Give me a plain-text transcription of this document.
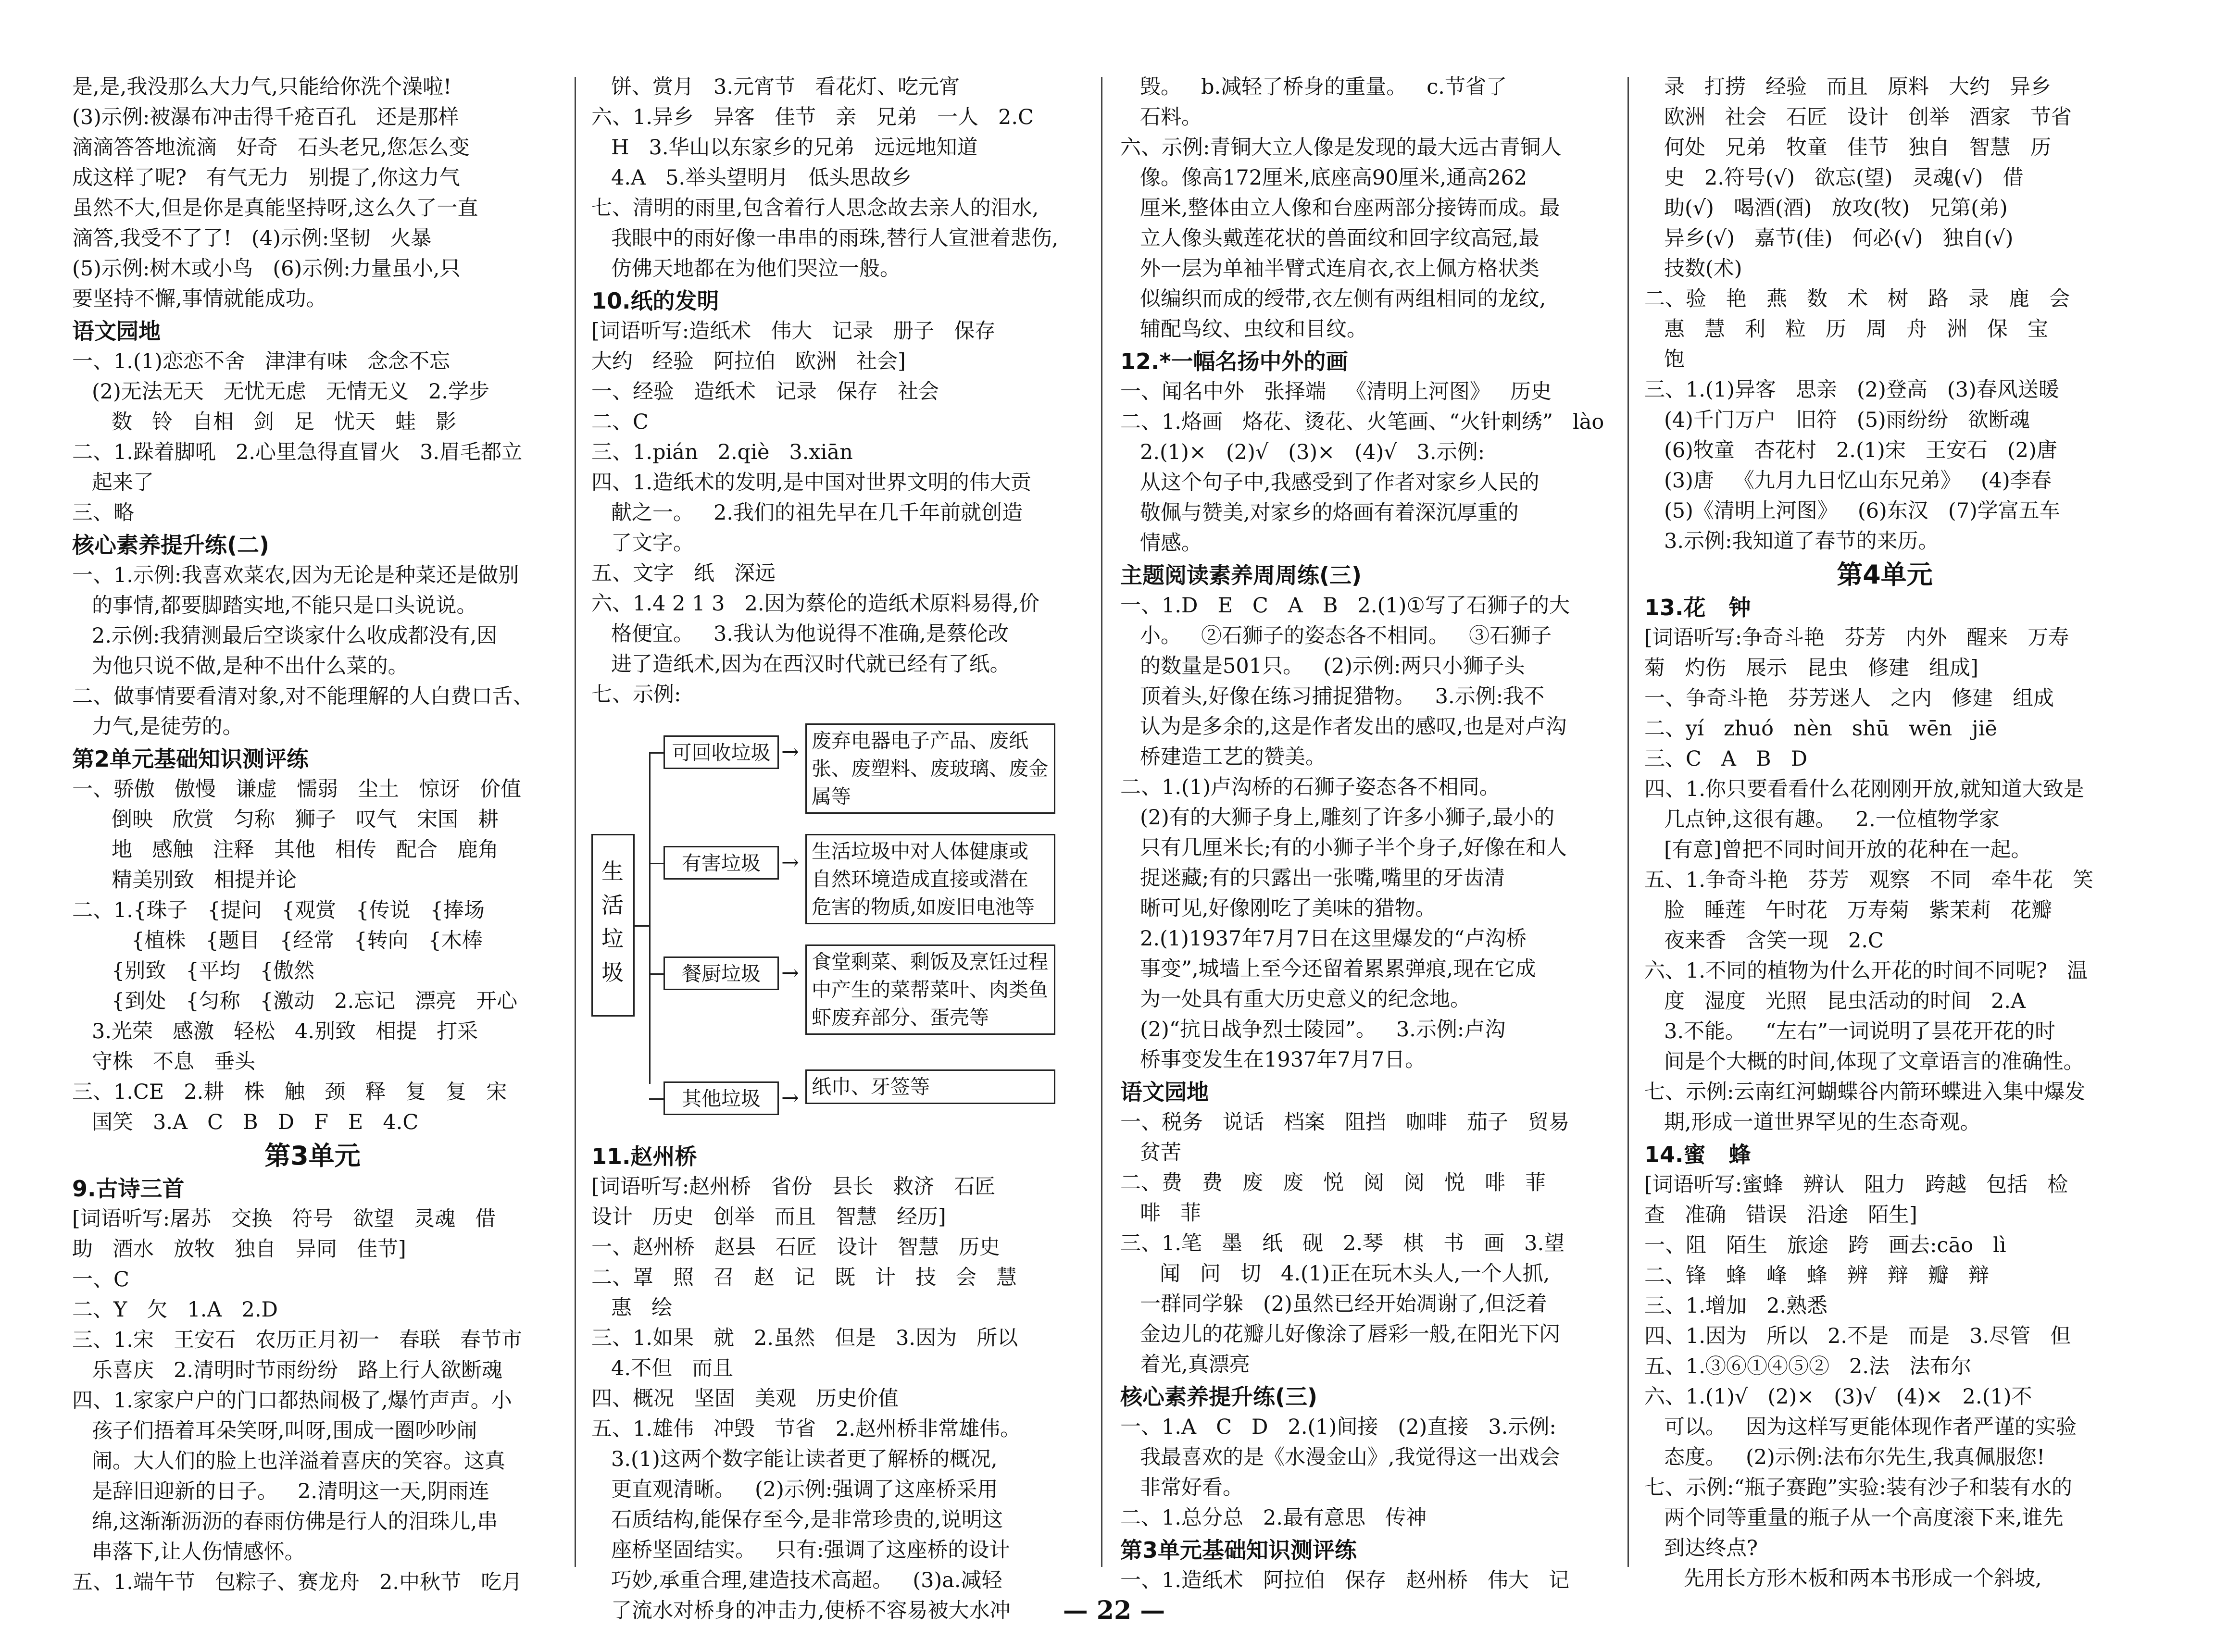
是,是,我没那么大力气,只能给你洗个澡啦!
(3)示例:被瀑布冲击得千疮百孔   还是那样
滴滴答答地流滴   好奇   石头老兄,您怎么变
成这样了呢?   有气无力   别提了,你这力气
虽然不大,但是你是真能坚持呀,这么久了一直
滴答,我受不了了!   (4)示例:坚韧   火暴
(5)示例:树木或小鸟   (6)示例:力量虽小,只
要坚持不懈,事情就能成功。
语文园地
一、1.(1)恋恋不舍   津津有味   念念不忘
(2)无法无天   无忧无虑   无情无义   2.学步
数   铃   自相   剑   足   忧天   蛙   影
二、1.跺着脚吼   2.心里急得直冒火   3.眉毛都立
起来了
三、略
核心素养提升练(二)
一、1.示例:我喜欢菜农,因为无论是种菜还是做别
的事情,都要脚踏实地,不能只是口头说说。
2.示例:我猜测最后空谈家什么收成都没有,因
为他只说不做,是种不出什么菜的。
二、做事情要看清对象,对不能理解的人白费口舌、
力气,是徒劳的。
第2单元基础知识测评练
一、骄傲   傲慢   谦虚   懦弱   尘土   惊讶   价值
倒映   欣赏   匀称   狮子   叹气   宋国   耕
地   感触   注释   其他   相传   配合   鹿角
精美别致   相提并论
二、1.{珠子   {提问   {观赏   {传说   {捧场
{植株   {题目   {经常   {转向   {木棒
{别致   {平均   {傲然
{到处   {匀称   {激动   2.忘记   漂亮   开心
3.光荣   感激   轻松   4.别致   相提   打采
守株   不息   垂头
三、1.CE   2.耕   株   触   颈   释   复   复   宋
国笑   3.A   C   B   D   F   E   4.C
第3单元
9.古诗三首
[词语听写:屠苏   交换   符号   欲望   灵魂   借
助   酒水   放牧   独自   异同   佳节]
一、C
二、Y   欠   1.A   2.D
三、1.宋   王安石   农历正月初一   春联   春节市
乐喜庆   2.清明时节雨纷纷   路上行人欲断魂
四、1.家家户户的门口都热闹极了,爆竹声声。小
孩子们捂着耳朵笑呀,叫呀,围成一圈吵吵闹
闹。大人们的脸上也洋溢着喜庆的笑容。这真
是辞旧迎新的日子。   2.清明这一天,阴雨连
绵,这渐渐沥沥的春雨仿佛是行人的泪珠儿,串
串落下,让人伤情感怀。
五、1.端午节   包粽子、赛龙舟   2.中秋节   吃月
饼、赏月   3.元宵节   看花灯、吃元宵
六、1.异乡   异客   佳节   亲   兄弟   一人   2.C
H   3.华山以东家乡的兄弟   远远地知道
4.A   5.举头望明月   低头思故乡
七、清明的雨里,包含着行人思念故去亲人的泪水,
我眼中的雨好像一串串的雨珠,替行人宣泄着悲伤,
仿佛天地都在为他们哭泣一般。
10.纸的发明
[词语听写:造纸术   伟大   记录   册子   保存
大约   经验   阿拉伯   欧洲   社会]
一、经验   造纸术   记录   保存   社会
二、C
三、1.pián   2.qiè   3.xiān
四、1.造纸术的发明,是中国对世界文明的伟大贡
献之一。   2.我们的祖先早在几千年前就创造
了文字。
五、文字   纸   深远
六、1.4 2 1 3   2.因为蔡伦的造纸术原料易得,价
格便宜。   3.我认为他说得不准确,是蔡伦改
进了造纸术,因为在西汉时代就已经有了纸。
七、示例:
生活垃圾
可回收垃圾 → 废弃电器电子产品、废纸
张、废塑料、废玻璃、废金
属等
有害垃圾 → 生活垃圾中对人体健康或
自然环境造成直接或潜在
危害的物质,如废旧电池等
餐厨垃圾 → 食堂剩菜、剩饭及烹饪过程
中产生的菜帮菜叶、肉类鱼
虾废弃部分、蛋壳等
其他垃圾 → 纸巾、牙签等
11.赵州桥
[词语听写:赵州桥   省份   县长   救济   石匠
设计   历史   创举   而且   智慧   经历]
一、赵州桥   赵县   石匠   设计   智慧   历史
二、罩   照   召   赵   记   既   计   技   会   慧
惠   绘
三、1.如果   就   2.虽然   但是   3.因为   所以
4.不但   而且
四、概况   坚固   美观   历史价值
五、1.雄伟   冲毁   节省   2.赵州桥非常雄伟。
3.(1)这两个数字能让读者更了解桥的概况,
更直观清晰。   (2)示例:强调了这座桥采用
石质结构,能保存至今,是非常珍贵的,说明这
座桥坚固结实。   只有:强调了这座桥的设计
巧妙,承重合理,建造技术高超。   (3)a.减轻
了流水对桥身的冲击力,使桥不容易被大水冲
毁。   b.减轻了桥身的重量。   c.节省了
石料。
六、示例:青铜大立人像是发现的最大远古青铜人
像。像高172厘米,底座高90厘米,通高262
厘米,整体由立人像和台座两部分接铸而成。最
立人像头戴莲花状的兽面纹和回字纹高冠,最
外一层为单袖半臂式连肩衣,衣上佩方格状类
似编织而成的绶带,衣左侧有两组相同的龙纹,
辅配鸟纹、虫纹和目纹。
12.*一幅名扬中外的画
一、闻名中外   张择端   《清明上河图》   历史
二、1.烙画   烙花、烫花、火笔画、“火针刺绣”   lào
2.(1)×   (2)√   (3)×   (4)√   3.示例:
从这个句子中,我感受到了作者对家乡人民的
敬佩与赞美,对家乡的烙画有着深沉厚重的
情感。
主题阅读素养周周练(三)
一、1.D   E   C   A   B   2.(1)①写了石狮子的大
小。   ②石狮子的姿态各不相同。   ③石狮子
的数量是501只。   (2)示例:两只小狮子头
顶着头,好像在练习捕捉猎物。   3.示例:我不
认为是多余的,这是作者发出的感叹,也是对卢沟
桥建造工艺的赞美。
二、1.(1)卢沟桥的石狮子姿态各不相同。
(2)有的大狮子身上,雕刻了许多小狮子,最小的
只有几厘米长;有的小狮子半个身子,好像在和人
捉迷藏;有的只露出一张嘴,嘴里的牙齿清
晰可见,好像刚吃了美味的猎物。
2.(1)1937年7月7日在这里爆发的“卢沟桥
事变”,城墙上至今还留着累累弹痕,现在它成
为一处具有重大历史意义的纪念地。
(2)“抗日战争烈士陵园”。   3.示例:卢沟
桥事变发生在1937年7月7日。
语文园地
一、税务   说话   档案   阻挡   咖啡   茄子   贸易
贫苦
二、费   费   废   废   悦   阅   阅   悦   啡   菲
啡   菲
三、1.笔   墨   纸   砚   2.琴   棋   书   画   3.望
闻   问   切   4.(1)正在玩木头人,一个人抓,
一群同学躲   (2)虽然已经开始凋谢了,但泛着
金边儿的花瓣儿好像涂了唇彩一般,在阳光下闪
着光,真漂亮
核心素养提升练(三)
一、1.A   C   D   2.(1)间接   (2)直接   3.示例:
我最喜欢的是《水漫金山》,我觉得这一出戏会
非常好看。
二、1.总分总   2.最有意思   传神
第3单元基础知识测评练
一、1.造纸术   阿拉伯   保存   赵州桥   伟大   记
录   打捞   经验   而且   原料   大约   异乡
欧洲   社会   石匠   设计   创举   酒家   节省
何处   兄弟   牧童   佳节   独自   智慧   历
史   2.符号(√)   欲忘(望)   灵魂(√)   借
助(√)   喝酒(酒)   放攻(牧)   兄第(弟)
异乡(√)   嘉节(佳)   何必(√)   独自(√)
技数(术)
二、验   艳   燕   数   术   树   路   录   鹿   会
惠   慧   利   粒   历   周   舟   洲   保   宝
饱
三、1.(1)异客   思亲   (2)登高   (3)春风送暖
(4)千门万户   旧符   (5)雨纷纷   欲断魂
(6)牧童   杏花村   2.(1)宋   王安石   (2)唐
(3)唐   《九月九日忆山东兄弟》   (4)李春
(5)《清明上河图》   (6)东汉   (7)学富五车
3.示例:我知道了春节的来历。
第4单元
13.花   钟
[词语听写:争奇斗艳   芬芳   内外   醒来   万寿
菊   灼伤   展示   昆虫   修建   组成]
一、争奇斗艳   芬芳迷人   之内   修建   组成
二、yí   zhuó   nèn   shū   wēn   jiē
三、C   A   B   D
四、1.你只要看看什么花刚刚开放,就知道大致是
几点钟,这很有趣。   2.一位植物学家
[有意]曾把不同时间开放的花种在一起。
五、1.争奇斗艳   芬芳   观察   不同   牵牛花   笑
脸   睡莲   午时花   万寿菊   紫茉莉   花瓣
夜来香   含笑一现   2.C
六、1.不同的植物为什么开花的时间不同呢?   温
度   湿度   光照   昆虫活动的时间   2.A
3.不能。   “左右”一词说明了昙花开花的时
间是个大概的时间,体现了文章语言的准确性。
七、示例:云南红河蝴蝶谷内箭环蝶进入集中爆发
期,形成一道世界罕见的生态奇观。
14.蜜   蜂
[词语听写:蜜蜂   辨认   阻力   跨越   包括   检
查   准确   错误   沿途   陌生]
一、阻   陌生   旅途   跨   画去:cāo   lì
二、锋   蜂   峰   蜂   辨   辩   瓣   辩
三、1.增加   2.熟悉
四、1.因为   所以   2.不是   而是   3.尽管   但
五、1.③⑥①④⑤②   2.法   法布尔
六、1.(1)√   (2)×   (3)√   (4)×   2.(1)不
可以。   因为这样写更能体现作者严谨的实验
态度。   (2)示例:法布尔先生,我真佩服您!
七、示例:“瓶子赛跑”实验:装有沙子和装有水的
两个同等重量的瓶子从一个高度滚下来,谁先
到达终点?
先用长方形木板和两本书形成一个斜坡,
— 22 —
